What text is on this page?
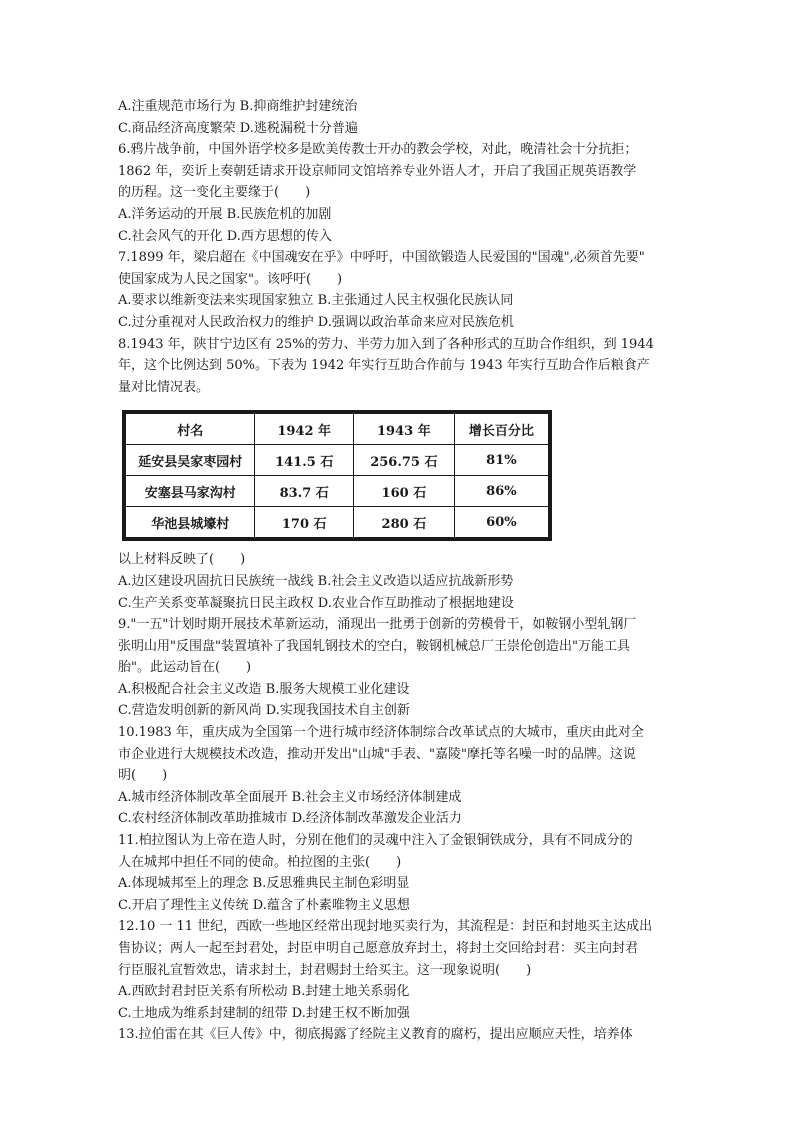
A.注重规范市场行为 B.抑商维护封建统治

C.商品经济高度繁荣 D.逃税漏税十分普遍

6.鸦片战争前，中国外语学校多是欧美传教士开办的教会学校，对此，晚清社会十分抗拒；

1862 年，奕䜣上奏朝廷请求开设京师同文馆培养专业外语人才，开启了我国正规英语教学

的历程。这一变化主要缘于(　　)

A.洋务运动的开展 B.民族危机的加剧

C.社会风气的开化 D.西方思想的传入

7.1899 年，梁启超在《中国魂安在乎》中呼吁，中国欲锻造人民爱国的"国魂",必须首先要"

使国家成为人民之国家"。该呼吁(　　)

A.要求以维新变法来实现国家独立 B.主张通过人民主权强化民族认同

C.过分重视对人民政治权力的维护 D.强调以政治革命来应对民族危机

8.1943 年，陕甘宁边区有 25%的劳力、半劳力加入到了各种形式的互助合作组织，到 1944

年，这个比例达到 50%。下表为 1942 年实行互助合作前与 1943 年实行互助合作后粮食产

量对比情况表。

村名	1942 年	1943 年	增长百分比
延安县吴家枣园村	141.5 石	256.75 石	81%
安塞县马家沟村	83.7 石	160 石	86%
华池县城壕村	170 石	280 石	60%

以上材料反映了(　　)

A.边区建设巩固抗日民族统一战线 B.社会主义改造以适应抗战新形势

C.生产关系变革凝聚抗日民主政权 D.农业合作互助推动了根据地建设

9."一五"计划时期开展技术革新运动，涌现出一批勇于创新的劳模骨干，如鞍钢小型轧钢厂

张明山用"反围盘"装置填补了我国轧钢技术的空白，鞍钢机械总厂王崇伦创造出"万能工具

胎"。此运动旨在(　　)

A.积极配合社会主义改造 B.服务大规模工业化建设

C.营造发明创新的新风尚 D.实现我国技术自主创新

10.1983 年，重庆成为全国第一个进行城市经济体制综合改革试点的大城市，重庆由此对全

市企业进行大规模技术改造，推动开发出"山城"手表、"嘉陵"摩托等名噪一时的品牌。这说

明(　　)

A.城市经济体制改革全面展开 B.社会主义市场经济体制建成

C.农村经济体制改革助推城市 D.经济体制改革激发企业活力

11.柏拉图认为上帝在造人时，分别在他们的灵魂中注入了金银铜铁成分，具有不同成分的

人在城邦中担任不同的使命。柏拉图的主张(　　)

A.体现城邦至上的理念 B.反思雅典民主制色彩明显

C.开启了理性主义传统 D.蕴含了朴素唯物主义思想

12.10 一 11 世纪，西欧一些地区经常出现封地买卖行为，其流程是：封臣和封地买主达成出

售协议；两人一起至封君处，封臣申明自己愿意放弃封土，将封土交回给封君：买主向封君

行臣服礼宣暂效忠，请求封土，封君赐封土给买主。这一现象说明(　　)

A.西欧封君封臣关系有所松动 B.封建土地关系弱化

C.土地成为维系封建制的纽带 D.封建王权不断加强

13.拉伯雷在其《巨人传》中，彻底揭露了经院主义教育的腐朽，提出应顺应天性，培养体
